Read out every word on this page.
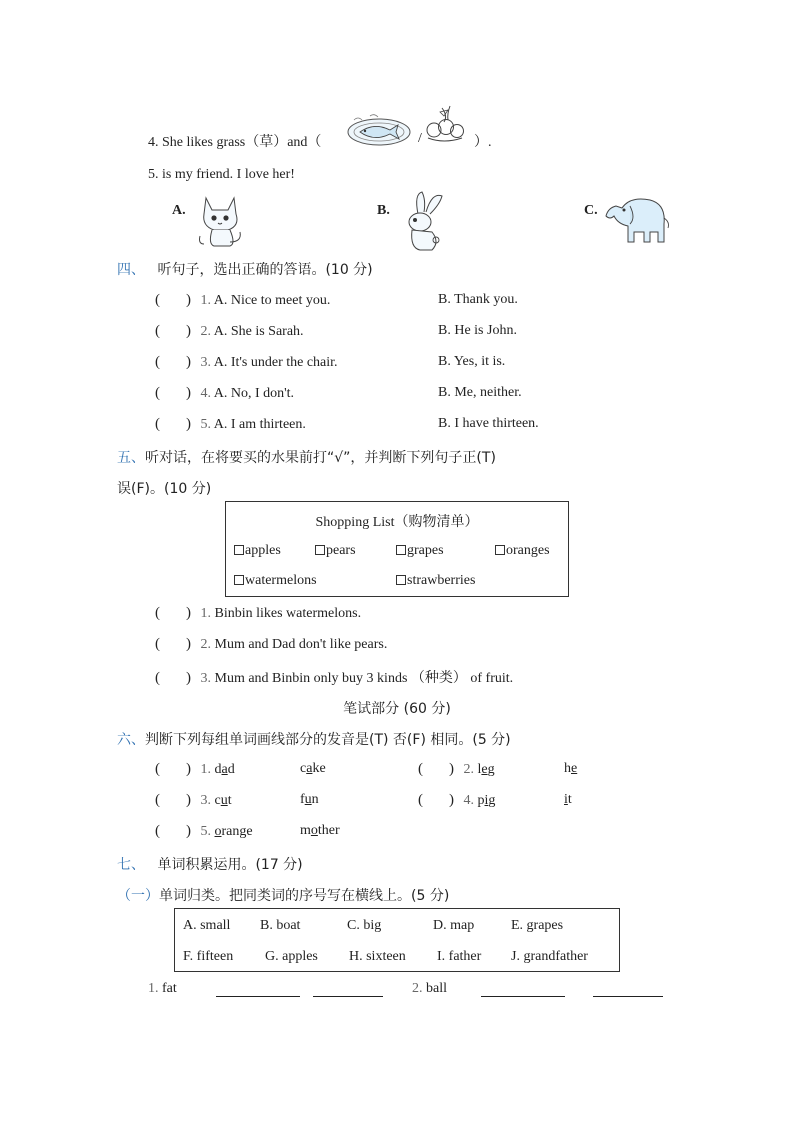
4. She likes grass（草）and（	/	）.
5. is my friend. I love her!
A.	B.	C.
四、 听句子，选出正确的答语。(10 分)
( ) 1. A. Nice to meet you.	B. Thank you.
( ) 2. A. She is Sarah.	B. He is John.
( ) 3. A. It's under the chair.	B. Yes, it is.
( ) 4. A. No, I don't.	B. Me, neither.
( ) 5. A. I am thirteen.	B. I have thirteen.
五、听对话，在将要买的水果前打“√”，并判断下列句子正(T)
误(F)。(10 分)
Shopping List（购物清单）
apples	pears	grapes	oranges
watermelons	strawberries
( ) 1. Binbin likes watermelons.
( ) 2. Mum and Dad don't like pears.
( ) 3. Mum and Binbin only buy 3 kinds （种类） of fruit.
笔试部分 (60 分)
六、判断下列每组单词画线部分的发音是(T) 否(F) 相同。(5 分)
( ) 1. dad	cake	( ) 2. leg	he
( ) 3. cut	fun	( ) 4. pig	it
( ) 5. orange	mother
七、 单词积累运用。(17 分)
（一）单词归类。把同类词的序号写在横线上。(5 分)
A. small B. boat	C. big	D. map	E. grapes
F. fifteen G. apples H. sixteen I. father J. grandfather
1. fat	2. ball
